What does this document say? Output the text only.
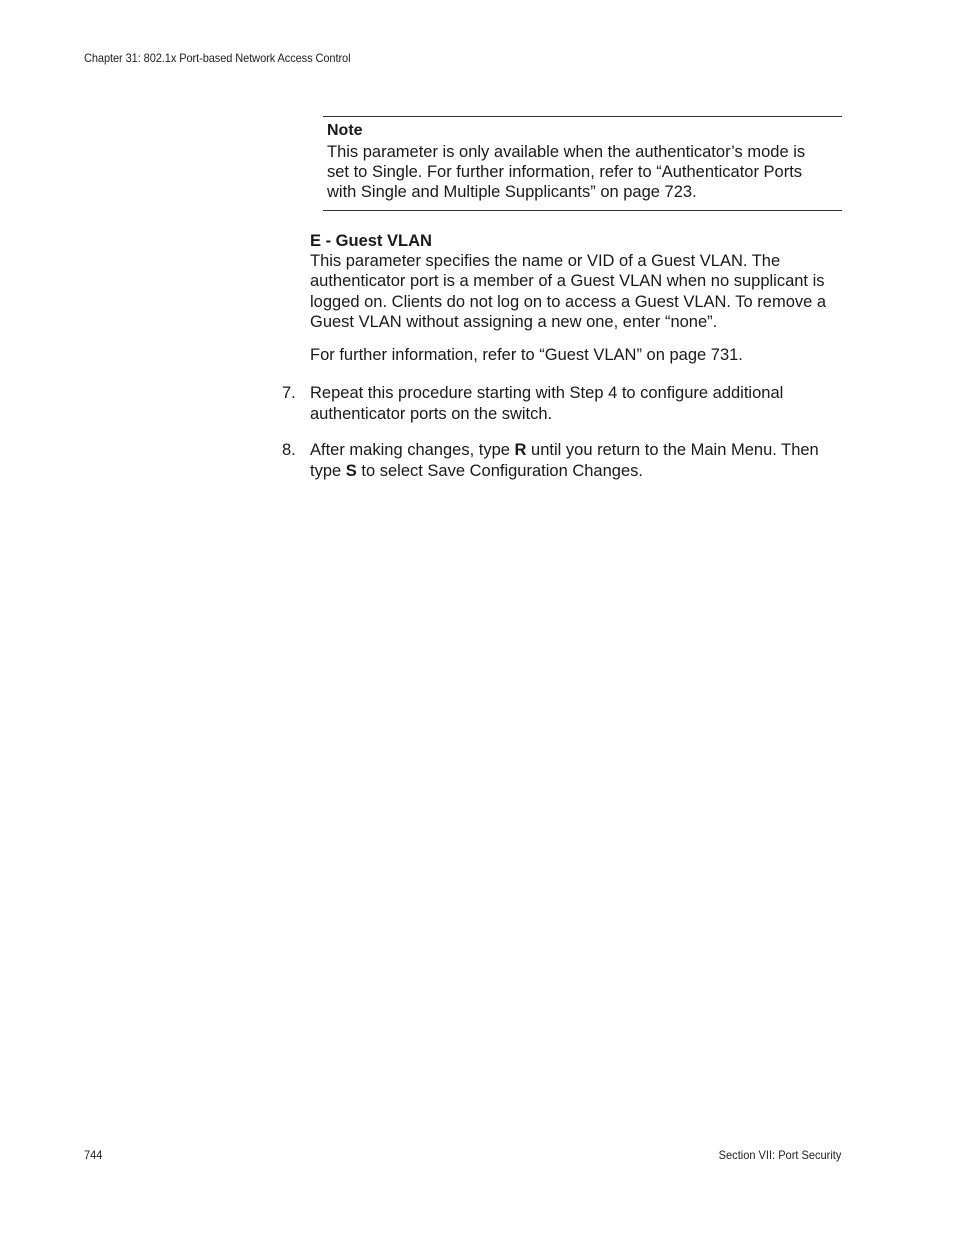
Chapter 31: 802.1x Port-based Network Access Control
Note
This parameter is only available when the authenticator’s mode is
set to Single. For further information, refer to “Authenticator Ports
with Single and Multiple Supplicants” on page 723.
E - Guest VLAN
This parameter specifies the name or VID of a Guest VLAN. The
authenticator port is a member of a Guest VLAN when no supplicant is
logged on. Clients do not log on to access a Guest VLAN. To remove a
Guest VLAN without assigning a new one, enter “none”.
For further information, refer to “Guest VLAN” on page 731.
7. Repeat this procedure starting with Step 4 to configure additional
authenticator ports on the switch.
8. After making changes, type R until you return to the Main Menu. Then
type S to select Save Configuration Changes.
744	Section VII: Port Security
